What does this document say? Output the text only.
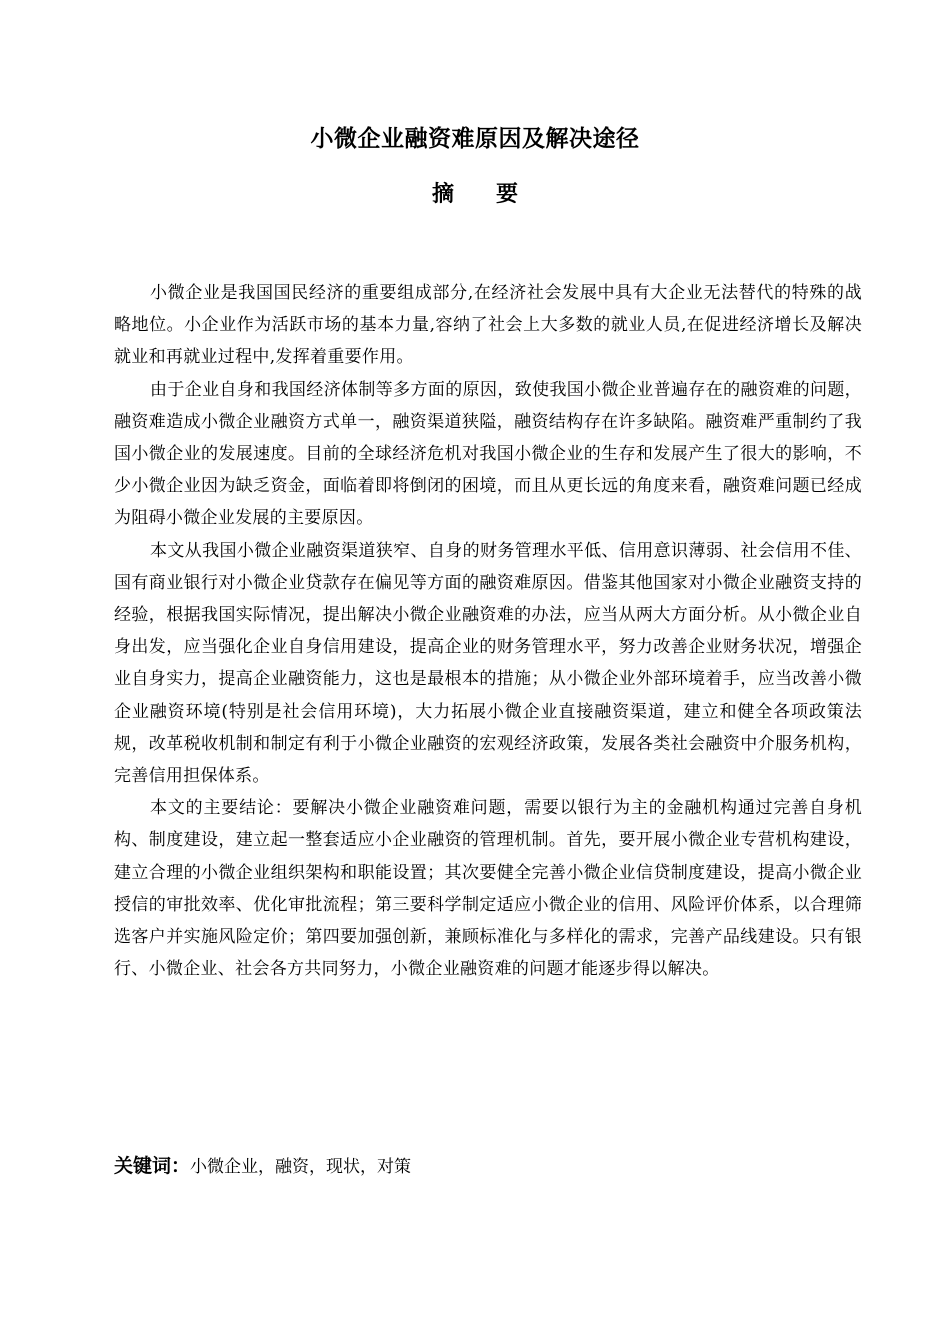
小微企业融资难原因及解决途径
摘要

小微企业是我国国民经济的重要组成部分,在经济社会发展中具有大企业无法替代的特殊的战略地位。小企业作为活跃市场的基本力量,容纳了社会上大多数的就业人员,在促进经济增长及解决就业和再就业过程中,发挥着重要作用。

由于企业自身和我国经济体制等多方面的原因，致使我国小微企业普遍存在的融资难的问题，融资难造成小微企业融资方式单一，融资渠道狭隘，融资结构存在许多缺陷。融资难严重制约了我国小微企业的发展速度。目前的全球经济危机对我国小微企业的生存和发展产生了很大的影响，不少小微企业因为缺乏资金，面临着即将倒闭的困境，而且从更长远的角度来看，融资难问题已经成为阻碍小微企业发展的主要原因。

本文从我国小微企业融资渠道狭窄、自身的财务管理水平低、信用意识薄弱、社会信用不佳、国有商业银行对小微企业贷款存在偏见等方面的融资难原因。借鉴其他国家对小微企业融资支持的经验，根据我国实际情况，提出解决小微企业融资难的办法，应当从两大方面分析。从小微企业自身出发，应当强化企业自身信用建设，提高企业的财务管理水平，努力改善企业财务状况，增强企业自身实力，提高企业融资能力，这也是最根本的措施；从小微企业外部环境着手，应当改善小微企业融资环境(特别是社会信用环境)，大力拓展小微企业直接融资渠道，建立和健全各项政策法规，改革税收机制和制定有利于小微企业融资的宏观经济政策，发展各类社会融资中介服务机构，完善信用担保体系。

本文的主要结论：要解决小微企业融资难问题，需要以银行为主的金融机构通过完善自身机构、制度建设，建立起一整套适应小企业融资的管理机制。首先，要开展小微企业专营机构建设，建立合理的小微企业组织架构和职能设置；其次要健全完善小微企业信贷制度建设，提高小微企业授信的审批效率、优化审批流程；第三要科学制定适应小微企业的信用、风险评价体系，以合理筛选客户并实施风险定价；第四要加强创新，兼顾标准化与多样化的需求，完善产品线建设。只有银行、小微企业、社会各方共同努力，小微企业融资难的问题才能逐步得以解决。

关键词：小微企业，融资，现状，对策
